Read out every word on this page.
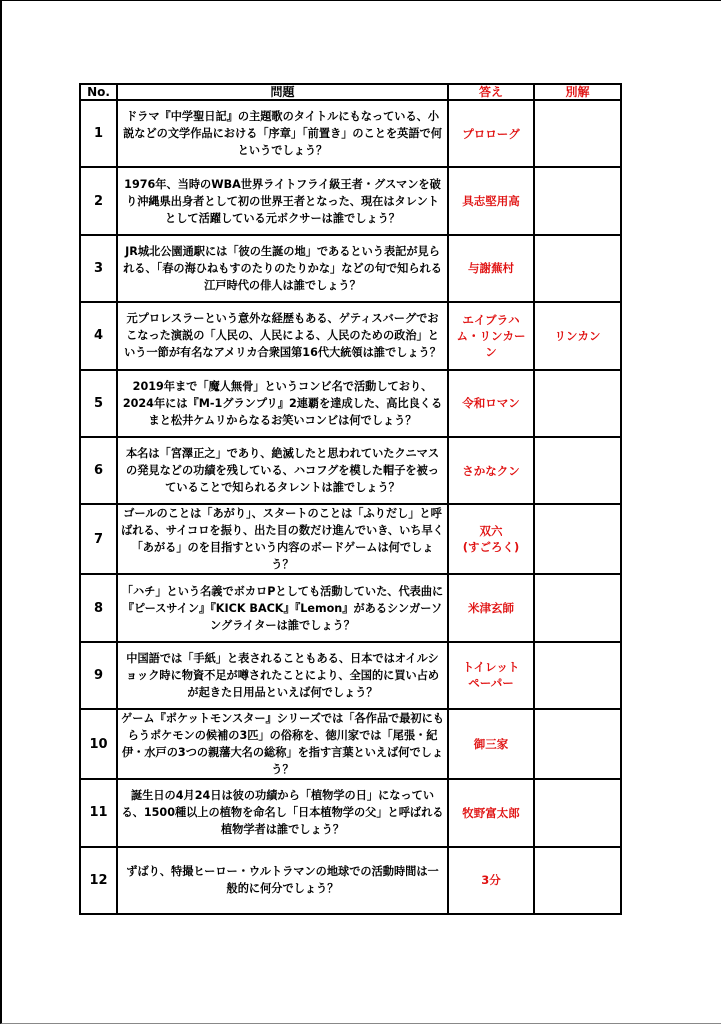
No.	問題	答え	別解
1	ドラマ『中学聖日記』の主題歌のタイトルにもなっている、小説などの文学作品における「序章」「前置き」のことを英語で何というでしょう？	プロローグ	
2	1976年、当時のWBA世界ライトフライ級王者・グスマンを破り沖縄県出身者として初の世界王者となった、現在はタレントとして活躍している元ボクサーは誰でしょう？	具志堅用高	
3	JR城北公園通駅には「彼の生誕の地」であるという表記が見られる、「春の海ひねもすのたりのたりかな」などの句で知られる江戸時代の俳人は誰でしょう？	与謝蕪村	
4	元プロレスラーという意外な経歴もある、ゲティスバーグでおこなった演説の「人民の、人民による、人民のための政治」という一節が有名なアメリカ合衆国第16代大統領は誰でしょう？	エイブラハム・リンカーン	リンカン
5	2019年まで「魔人無骨」というコンビ名で活動しており、2024年には『M-1グランプリ』2連覇を達成した、高比良くるまと松井ケムリからなるお笑いコンビは何でしょう？	令和ロマン	
6	本名は「宮澤正之」であり、絶滅したと思われていたクニマスの発見などの功績を残している、ハコフグを模した帽子を被っていることで知られるタレントは誰でしょう？	さかなクン	
7	ゴールのことは「あがり」、スタートのことは「ふりだし」と呼ばれる、サイコロを振り、出た目の数だけ進んでいき、いち早く「あがる」のを目指すという内容のボードゲームは何でしょう？	双六
(すごろく)	
8	「ハチ」という名義でボカロPとしても活動していた、代表曲に『ピースサイン』『KICK BACK』『Lemon』があるシンガーソングライターは誰でしょう？	米津玄師	
9	中国語では「手紙」と表されることもある、日本ではオイルショック時に物資不足が噂されたことにより、全国的に買い占めが起きた日用品といえば何でしょう？	トイレット
ペーパー	
10	ゲーム『ポケットモンスター』シリーズでは「各作品で最初にもらうポケモンの候補の3匹」の俗称を、徳川家では「尾張・紀伊・水戸の3つの親藩大名の総称」を指す言葉といえば何でしょう？	御三家	
11	誕生日の4月24日は彼の功績から「植物学の日」になっている、1500種以上の植物を命名し「日本植物学の父」と呼ばれる植物学者は誰でしょう？	牧野富太郎	
12	ずばり、特撮ヒーロー・ウルトラマンの地球での活動時間は一般的に何分でしょう？	3分	
